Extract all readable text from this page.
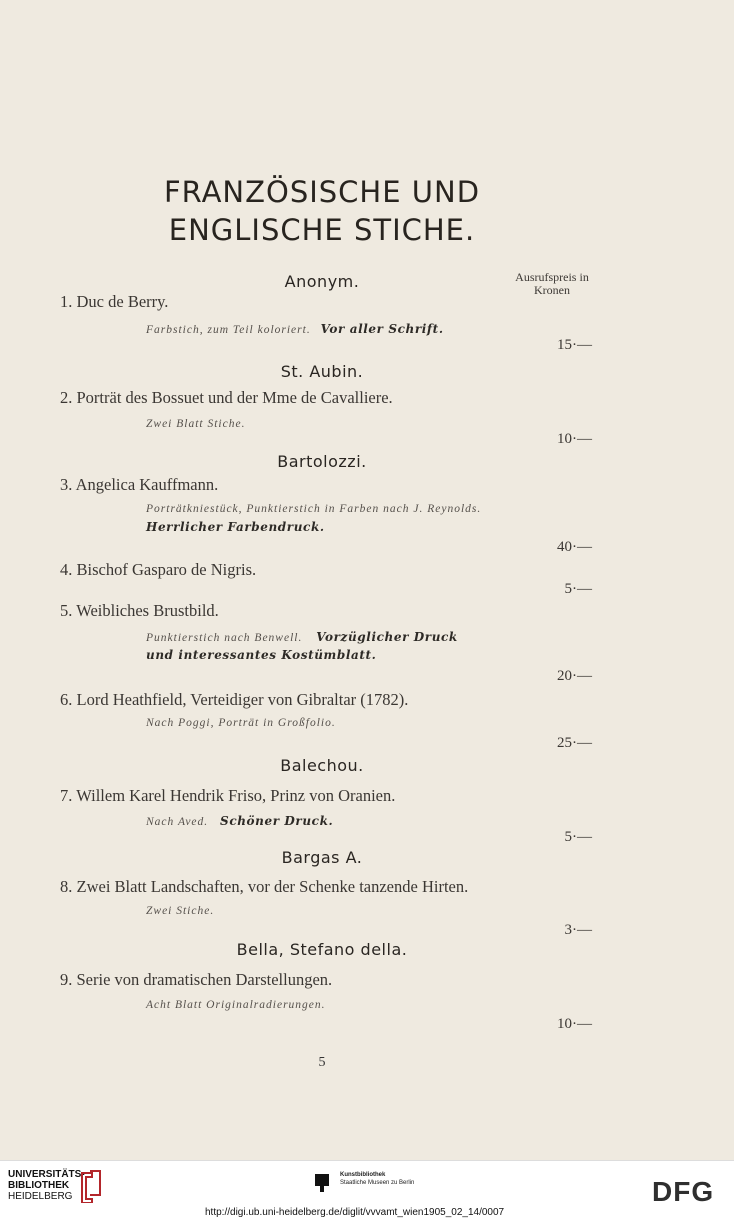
FRANZÖSISCHE UND
ENGLISCHE STICHE.
Ausrufspreis in Kronen
Anonym.
1. Duc de Berry.
Farbstich, zum Teil koloriert. Vor aller Schrift.
15·—
St. Aubin.
2. Porträt des Bossuet und der Mme de Cavalliere.
Zwei Blatt Stiche.
10·—
Bartolozzi.
3. Angelica Kauffmann.
Porträtkniestück, Punktierstich in Farben nach J. Reynolds.
Herrlicher Farbendruck.
40·—
4. Bischof Gasparo de Nigris.
5·—
5. Weibliches Brustbild.
Punktierstich nach Benwell. Vorzüglicher Druck
und interessantes Kostümblatt.
20·—
6. Lord Heathfield, Verteidiger von Gibraltar (1782).
Nach Poggi, Porträt in Großfolio.
25·—
Balechou.
7. Willem Karel Hendrik Friso, Prinz von Oranien.
Nach Aved. Schöner Druck.
5·—
Bargas A.
8. Zwei Blatt Landschaften, vor der Schenke tanzende Hirten.
Zwei Stiche.
3·—
Bella, Stefano della.
9. Serie von dramatischen Darstellungen.
Acht Blatt Originalradierungen.
10·—
5
UNIVERSITÄTS-
BIBLIOTHEK
HEIDELBERG
Kunstbibliothek
Staatliche Museen zu Berlin	DFG
http://digi.ub.uni-heidelberg.de/diglit/vvvamt_wien1905_02_14/0007
